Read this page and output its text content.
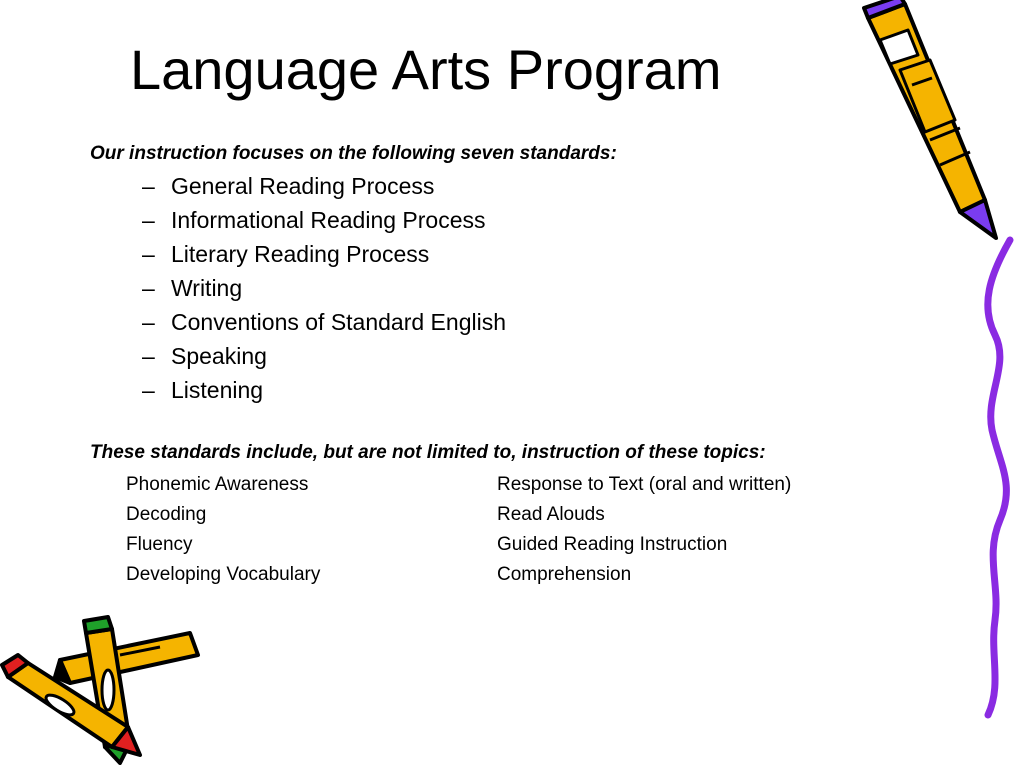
Language Arts Program
Our instruction focuses on the following seven standards:
– General Reading Process
– Informational Reading Process
– Literary Reading Process
– Writing
– Conventions of Standard English
– Speaking
– Listening
These standards include, but are not limited to, instruction of these topics:
Phonemic Awareness	Response to Text (oral and written)
Decoding	Read Alouds
Fluency	Guided Reading Instruction
Developing Vocabulary	Comprehension
